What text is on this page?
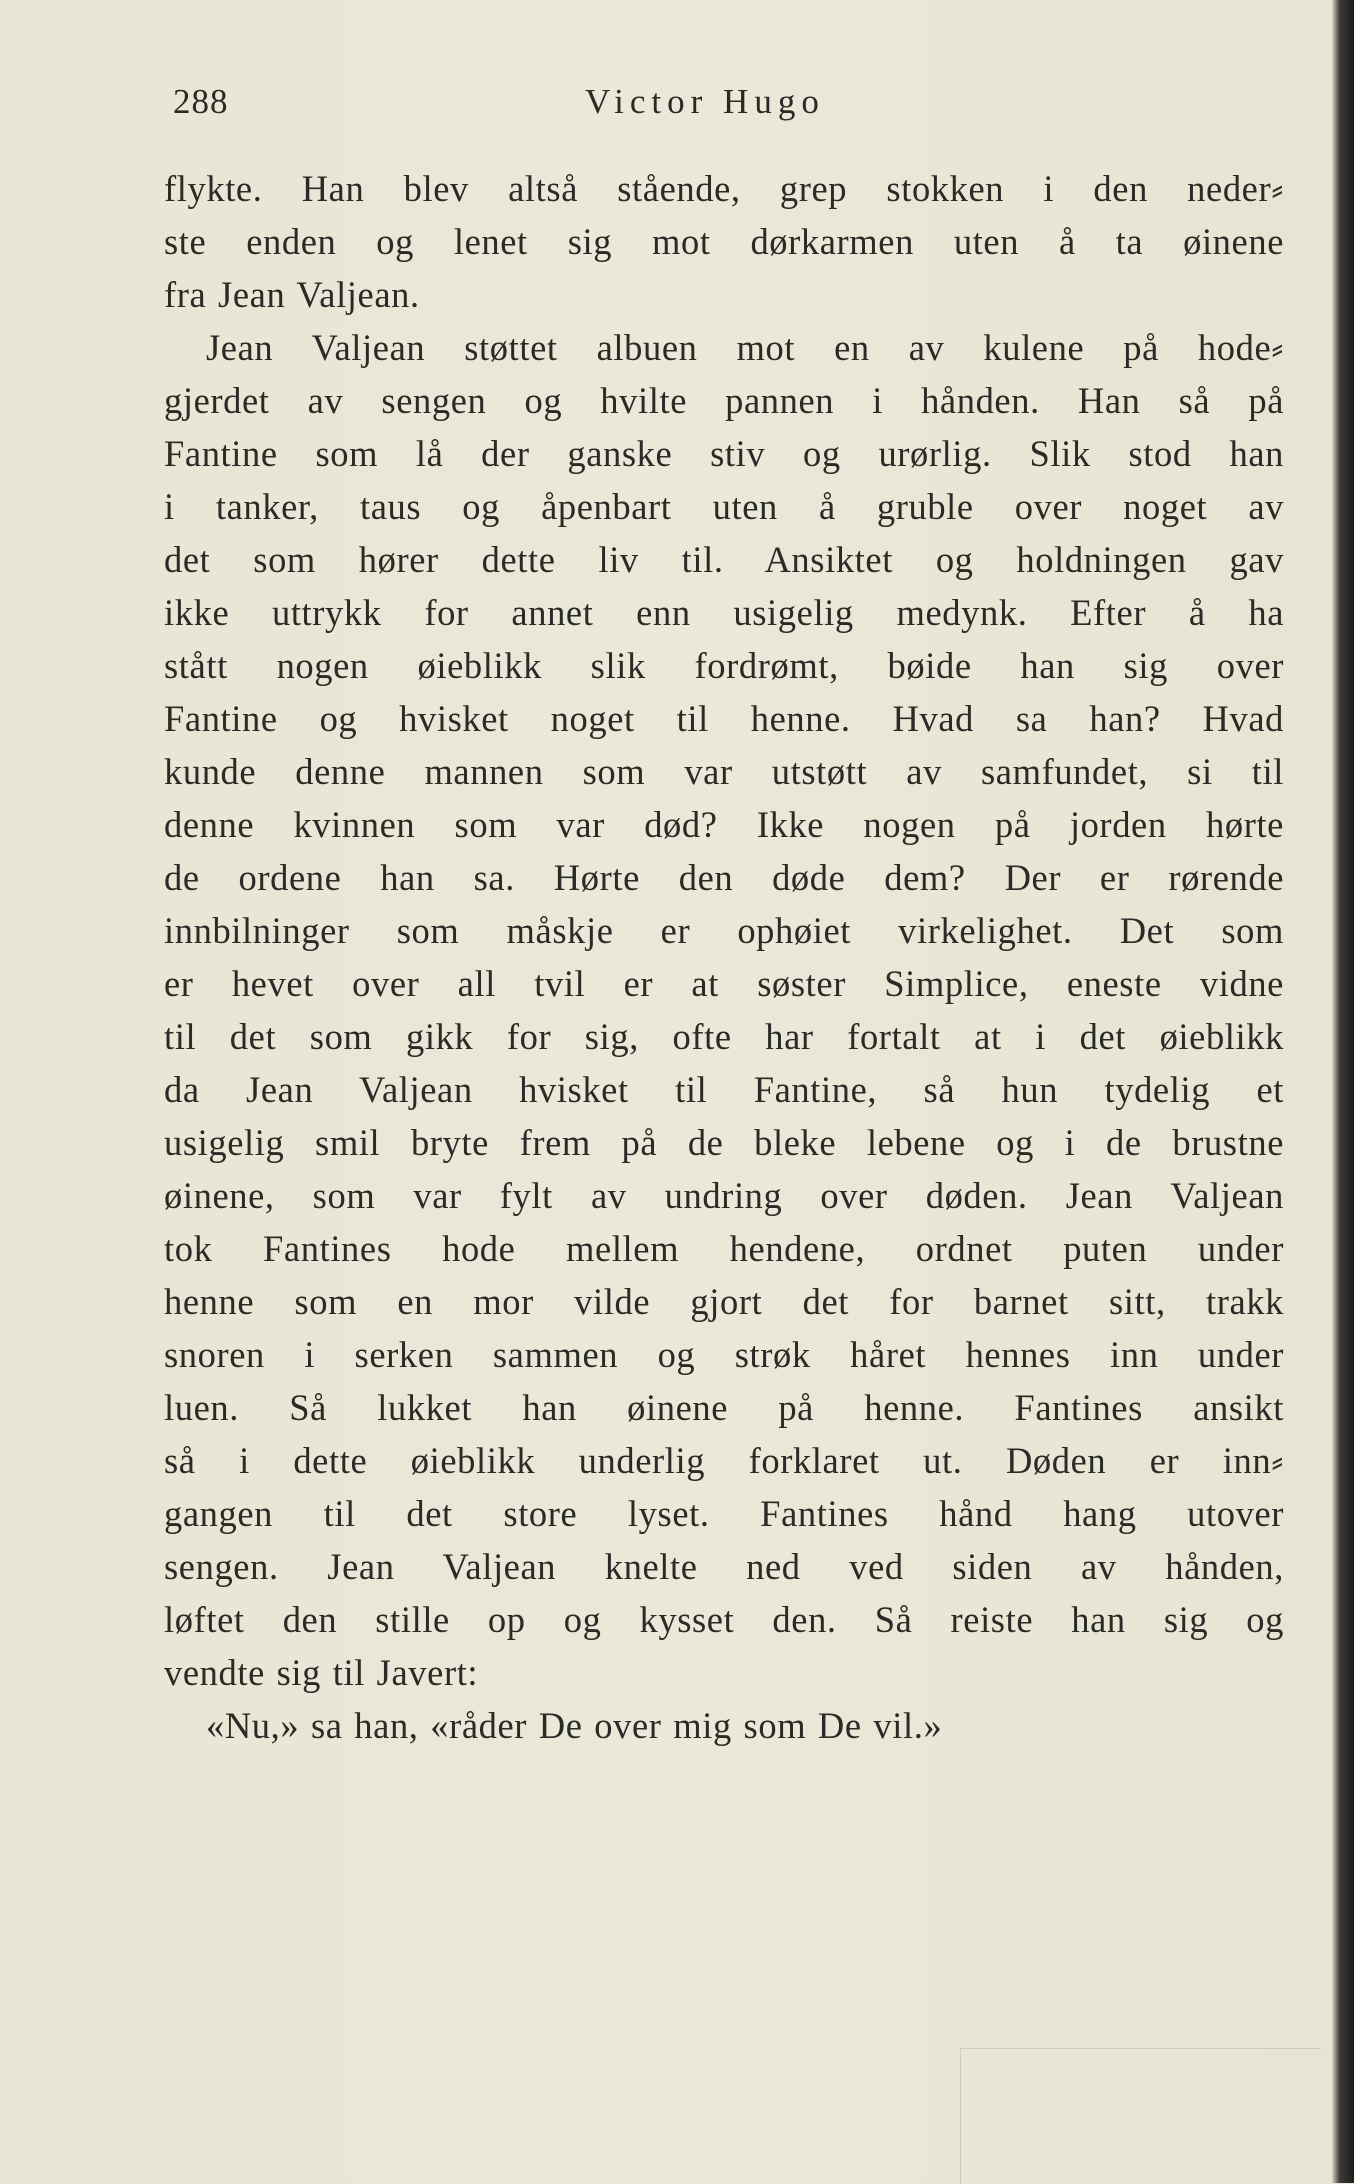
288	Victor Hugo
flykte. Han blev altså stående, grep stokken i den neder⸗
ste enden og lenet sig mot dørkarmen uten å ta øinene
fra Jean Valjean.
Jean Valjean støttet albuen mot en av kulene på hode⸗
gjerdet av sengen og hvilte pannen i hånden. Han så på
Fantine som lå der ganske stiv og urørlig. Slik stod han
i tanker, taus og åpenbart uten å gruble over noget av
det som hører dette liv til. Ansiktet og holdningen gav
ikke uttrykk for annet enn usigelig medynk. Efter å ha
stått nogen øieblikk slik fordrømt, bøide han sig over
Fantine og hvisket noget til henne. Hvad sa han? Hvad
kunde denne mannen som var utstøtt av samfundet, si til
denne kvinnen som var død? Ikke nogen på jorden hørte
de ordene han sa. Hørte den døde dem? Der er rørende
innbilninger som måskje er ophøiet virkelighet. Det som
er hevet over all tvil er at søster Simplice, eneste vidne
til det som gikk for sig, ofte har fortalt at i det øieblikk
da Jean Valjean hvisket til Fantine, så hun tydelig et
usigelig smil bryte frem på de bleke lebene og i de brustne
øinene, som var fylt av undring over døden. Jean Valjean
tok Fantines hode mellem hendene, ordnet puten under
henne som en mor vilde gjort det for barnet sitt, trakk
snoren i serken sammen og strøk håret hennes inn under
luen. Så lukket han øinene på henne. Fantines ansikt
så i dette øieblikk underlig forklaret ut. Døden er inn⸗
gangen til det store lyset. Fantines hånd hang utover
sengen. Jean Valjean knelte ned ved siden av hånden,
løftet den stille op og kysset den. Så reiste han sig og
vendte sig til Javert:
«Nu,» sa han, «råder De over mig som De vil.»
